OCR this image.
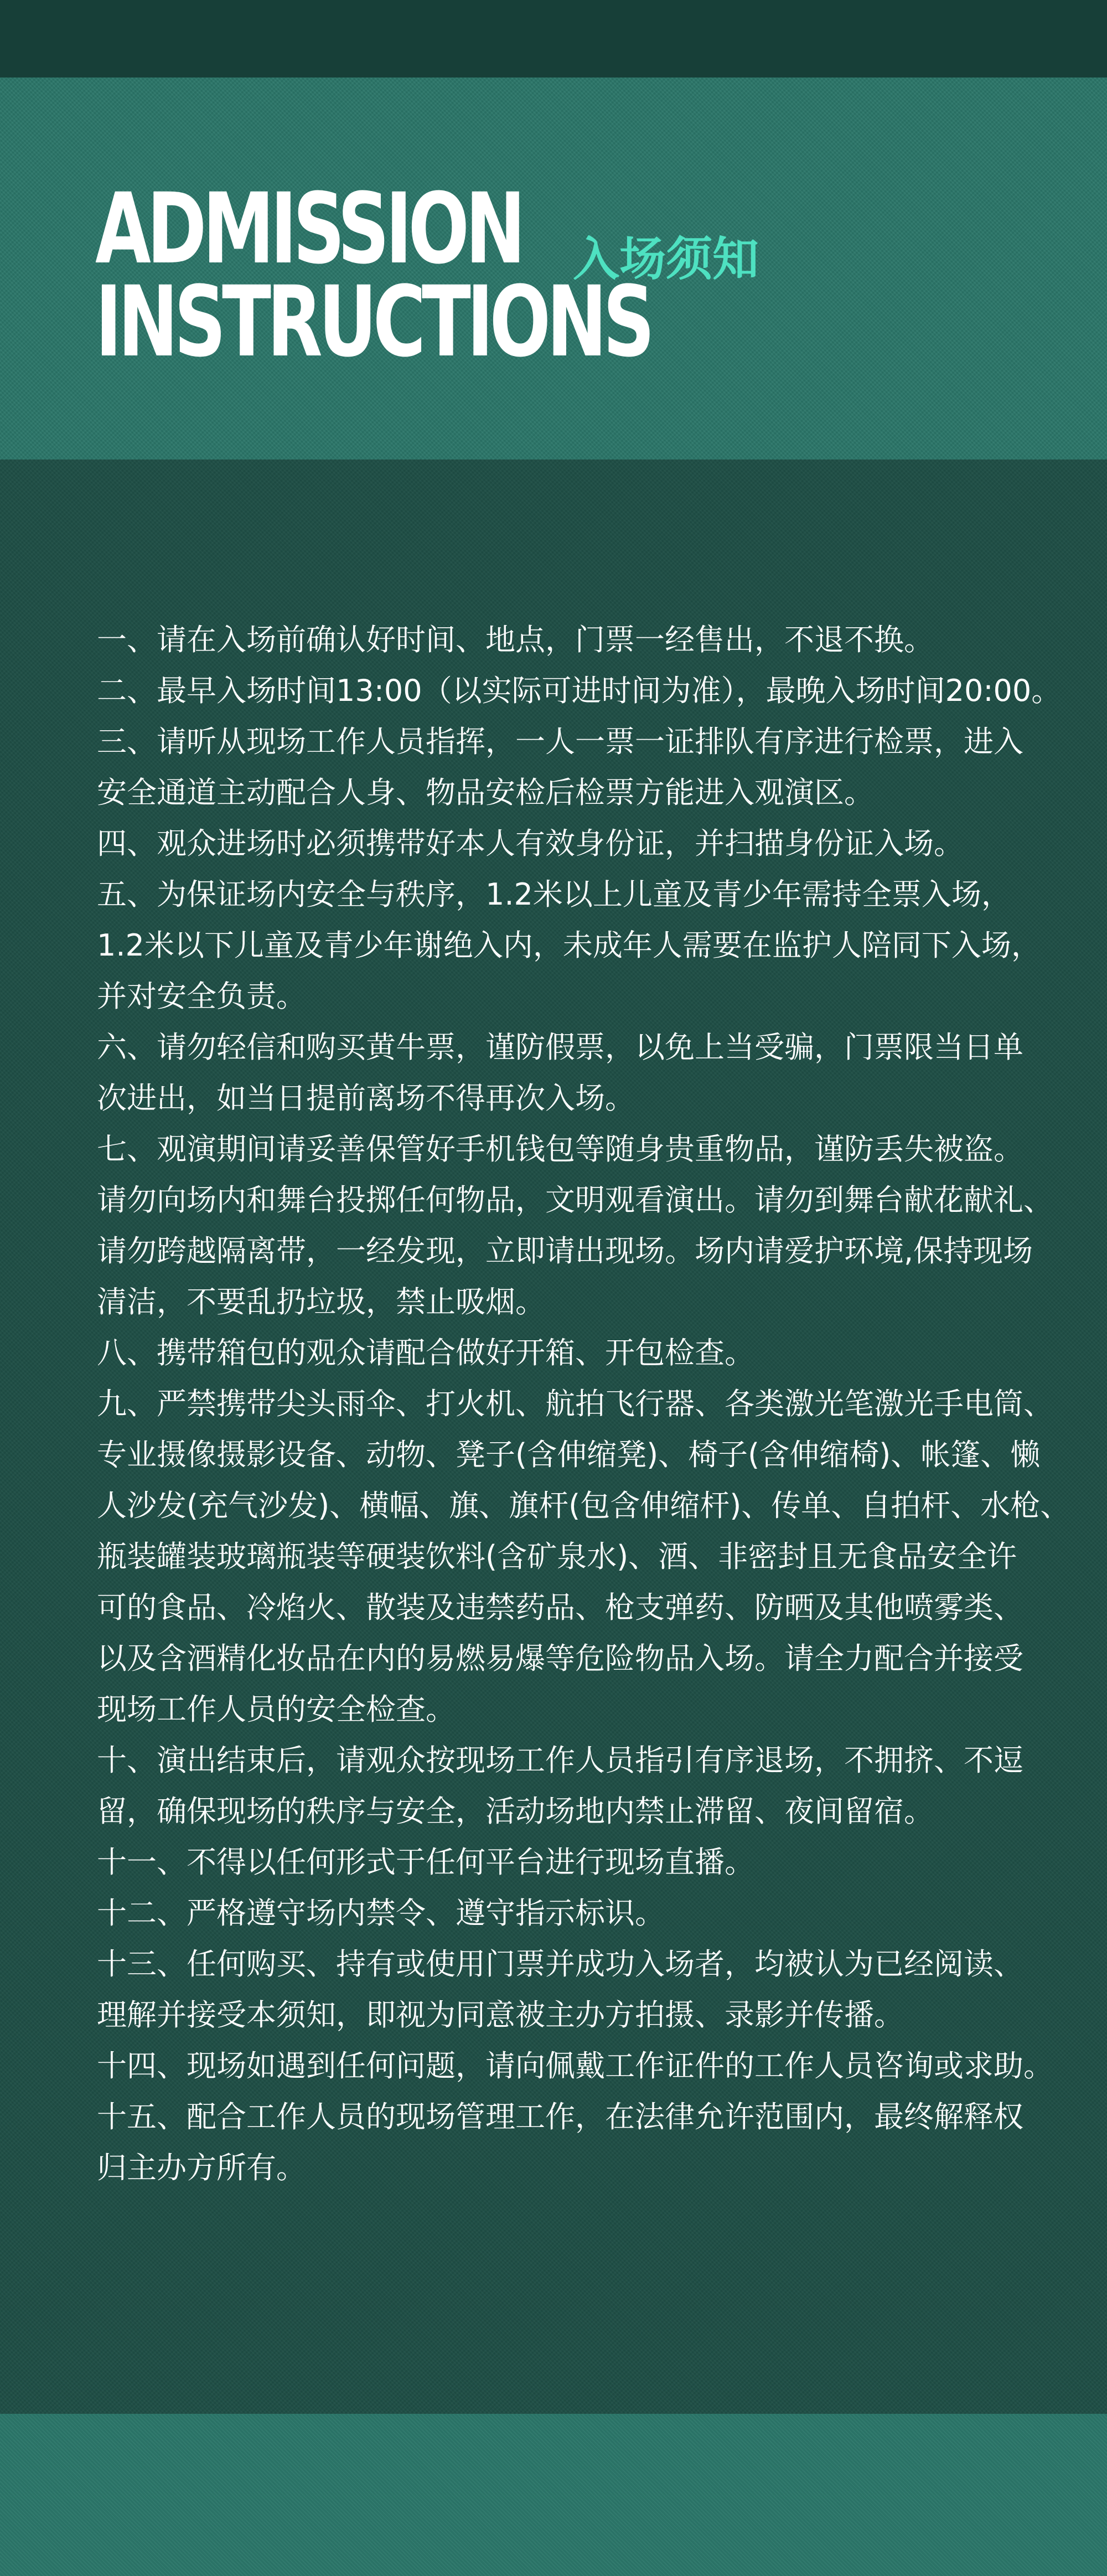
ADMISSION
INSTRUCTIONS
入场须知
一、请在入场前确认好时间、地点，门票一经售出，不退不换。
二、最早入场时间13:00（以实际可进时间为准），最晚入场时间20:00。
三、请听从现场工作人员指挥，一人一票一证排队有序进行检票，进入
安全通道主动配合人身、物品安检后检票方能进入观演区。
四、观众进场时必须携带好本人有效身份证，并扫描身份证入场。
五、为保证场内安全与秩序，1.2米以上儿童及青少年需持全票入场，
1.2米以下儿童及青少年谢绝入内，未成年人需要在监护人陪同下入场，
并对安全负责。
六、请勿轻信和购买黄牛票，谨防假票，以免上当受骗，门票限当日单
次进出，如当日提前离场不得再次入场。
七、观演期间请妥善保管好手机钱包等随身贵重物品，谨防丢失被盗。
请勿向场内和舞台投掷任何物品，文明观看演出。请勿到舞台献花献礼、
请勿跨越隔离带，一经发现，立即请出现场。场内请爱护环境,保持现场
清洁，不要乱扔垃圾，禁止吸烟。
八、携带箱包的观众请配合做好开箱、开包检查。
九、严禁携带尖头雨伞、打火机、航拍飞行器、各类激光笔激光手电筒、
专业摄像摄影设备、动物、凳子(含伸缩凳)、椅子(含伸缩椅)、帐篷、懒
人沙发(充气沙发)、横幅、旗、旗杆(包含伸缩杆)、传单、自拍杆、水枪、
瓶装罐装玻璃瓶装等硬装饮料(含矿泉水)、酒、非密封且无食品安全许
可的食品、冷焰火、散装及违禁药品、枪支弹药、防晒及其他喷雾类、
以及含酒精化妆品在内的易燃易爆等危险物品入场。请全力配合并接受
现场工作人员的安全检查。
十、演出结束后，请观众按现场工作人员指引有序退场，不拥挤、不逗
留，确保现场的秩序与安全，活动场地内禁止滞留、夜间留宿。
十一、不得以任何形式于任何平台进行现场直播。
十二、严格遵守场内禁令、遵守指示标识。
十三、任何购买、持有或使用门票并成功入场者，均被认为已经阅读、
理解并接受本须知，即视为同意被主办方拍摄、录影并传播。
十四、现场如遇到任何问题，请向佩戴工作证件的工作人员咨询或求助。
十五、配合工作人员的现场管理工作，在法律允许范围内，最终解释权
归主办方所有。
